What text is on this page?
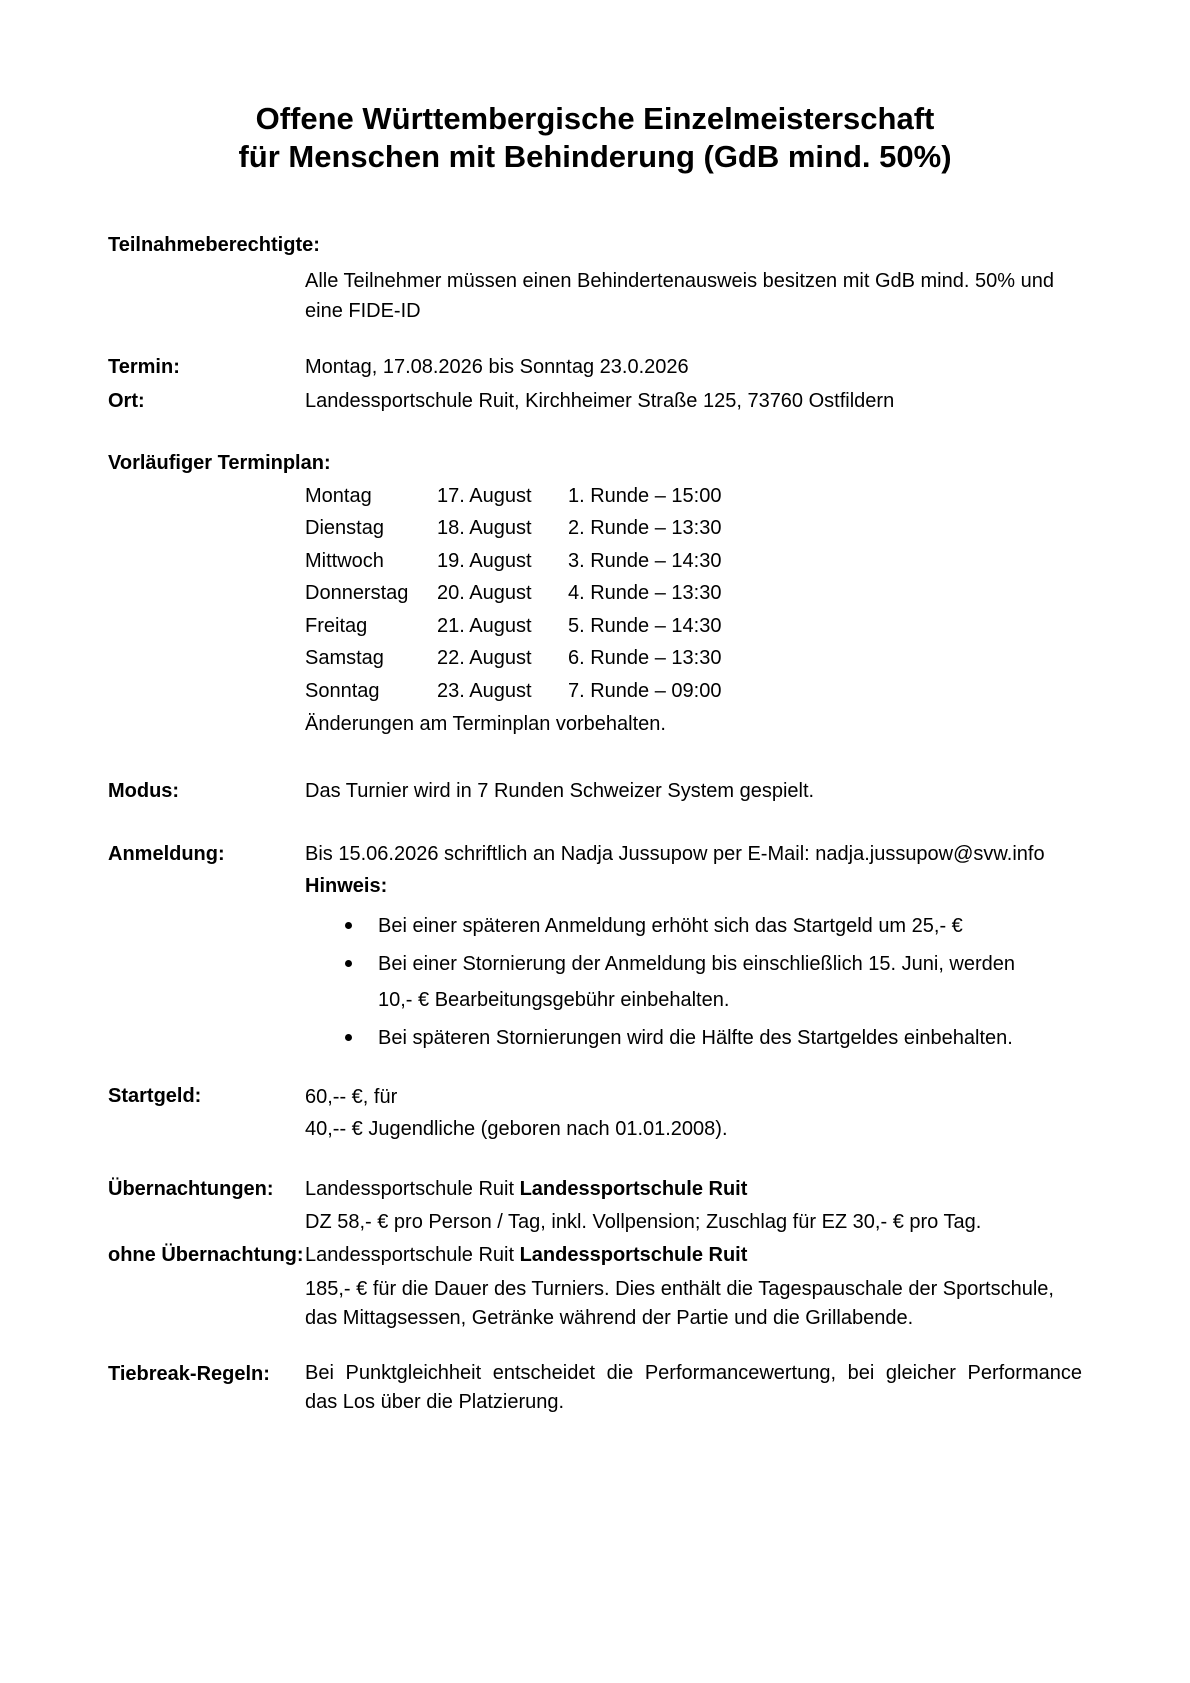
Offene Württembergische Einzelmeisterschaft
für Menschen mit Behinderung (GdB mind. 50%)
Teilnahmeberechtigte:
Alle Teilnehmer müssen einen Behindertenausweis besitzen mit GdB mind. 50% und
eine FIDE-ID
Termin:	Montag, 17.08.2026 bis Sonntag 23.0.2026
Ort:	Landessportschule Ruit, Kirchheimer Straße 125, 73760 Ostfildern
Vorläufiger Terminplan:
Montag	17. August	1. Runde – 15:00
Dienstag	18. August	2. Runde – 13:30
Mittwoch	19. August	3. Runde – 14:30
Donnerstag	20. August	4. Runde – 13:30
Freitag	21. August	5. Runde – 14:30
Samstag	22. August	6. Runde – 13:30
Sonntag	23. August	7. Runde – 09:00
Änderungen am Terminplan vorbehalten.
Modus:	Das Turnier wird in 7 Runden Schweizer System gespielt.
Anmeldung:	Bis 15.06.2026 schriftlich an Nadja Jussupow per E-Mail: nadja.jussupow@svw.info
Hinweis:
Bei einer späteren Anmeldung erhöht sich das Startgeld um 25,- €
Bei einer Stornierung der Anmeldung bis einschließlich 15. Juni, werden
10,- € Bearbeitungsgebühr einbehalten.
Bei späteren Stornierungen wird die Hälfte des Startgeldes einbehalten.
Startgeld:	60,-- €, für
40,-- € Jugendliche (geboren nach 01.01.2008).
Übernachtungen:	Landessportschule Ruit Landessportschule Ruit
DZ 58,- € pro Person / Tag, inkl. Vollpension; Zuschlag für EZ 30,- € pro Tag.
ohne Übernachtung: Landessportschule Ruit Landessportschule Ruit
185,- € für die Dauer des Turniers. Dies enthält die Tagespauschale der Sportschule,
das Mittagsessen, Getränke während der Partie und die Grillabende.
Tiebreak-Regeln:	Bei Punktgleichheit entscheidet die Performancewertung, bei gleicher Performance
das Los über die Platzierung.
